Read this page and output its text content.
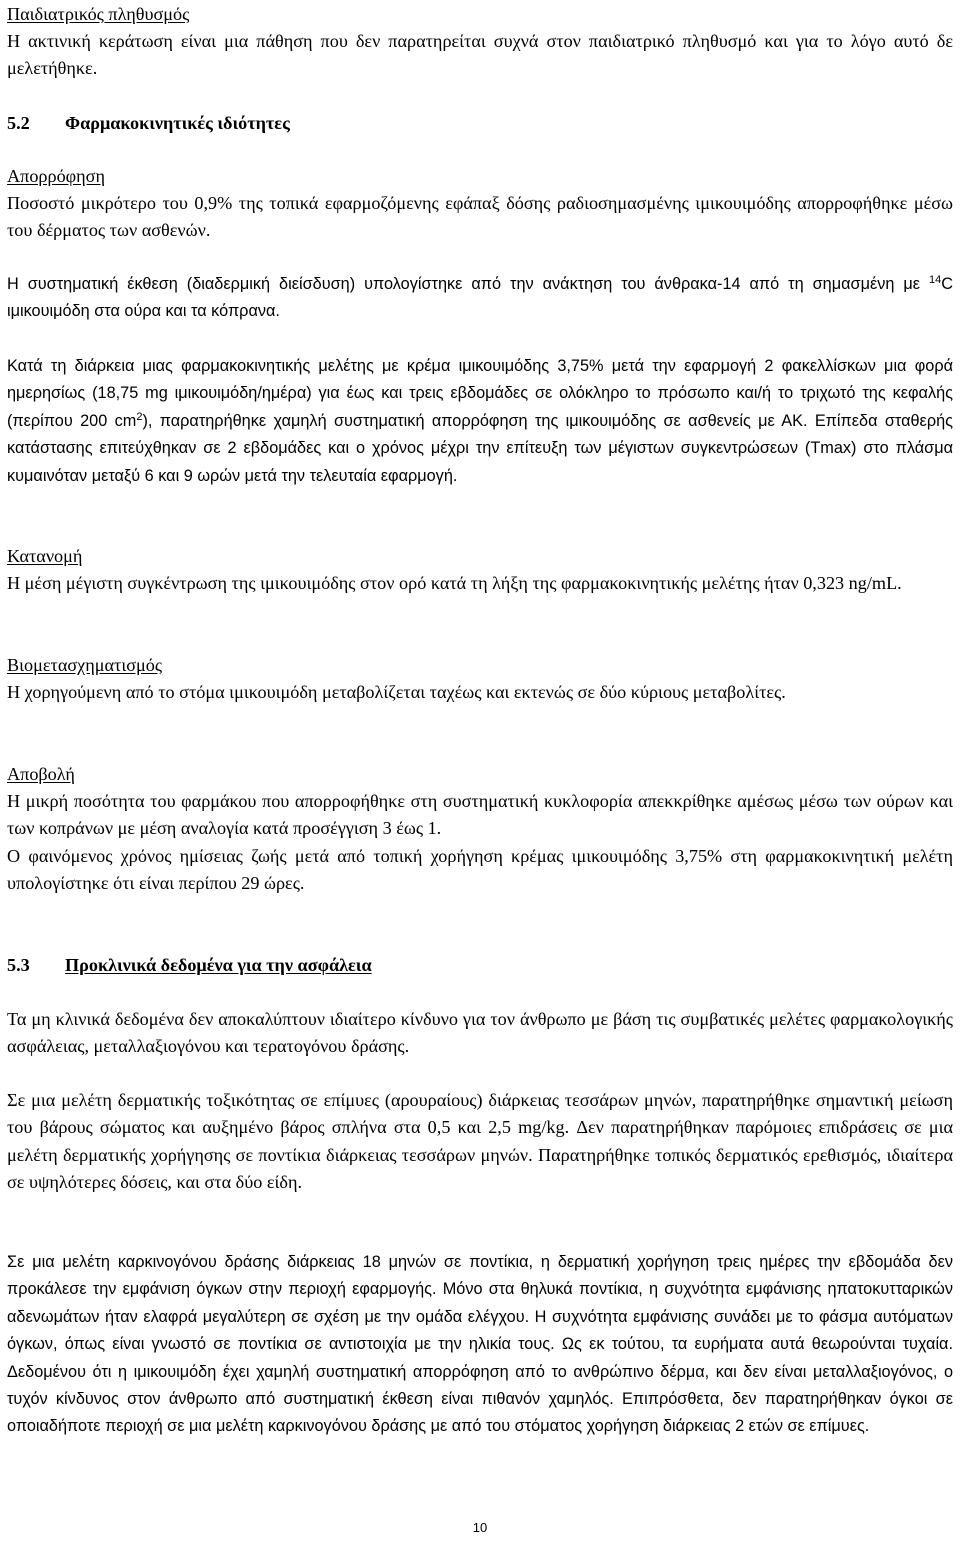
Παιδιατρικός πληθυσμός

Η ακτινική κεράτωση είναι μια πάθηση που δεν παρατηρείται συχνά στον παιδιατρικό πληθυσμό και για το λόγο αυτό δε μελετήθηκε.

5.2 Φαρμακοκινητικές ιδιότητες

Απορρόφηση

Ποσοστό μικρότερο του 0,9% της τοπικά εφαρμοζόμενης εφάπαξ δόσης ραδιοσημασμένης ιμικουιμόδης απορροφήθηκε μέσω του δέρματος των ασθενών.

Η συστηματική έκθεση (διαδερμική διείσδυση) υπολογίστηκε από την ανάκτηση του άνθρακα-14 από τη σημασμένη με $^{14}$C ιμικουιμόδη στα ούρα και τα κόπρανα.

Κατά τη διάρκεια μιας φαρμακοκινητικής μελέτης με κρέμα ιμικουιμόδης 3,75% μετά την εφαρμογή 2 φακελλίσκων μια φορά ημερησίως (18,75 mg ιμικουιμόδη/ημέρα) για έως και τρεις εβδομάδες σε ολόκληρο το πρόσωπο και/ή το τριχωτό της κεφαλής (περίπου 200 $cm^2$), παρατηρήθηκε χαμηλή συστηματική απορρόφηση της ιμικουιμόδης σε ασθενείς με ΑΚ. Επίπεδα σταθερής κατάστασης επιτεύχθηκαν σε 2 εβδομάδες και ο χρόνος μέχρι την επίτευξη των μέγιστων συγκεντρώσεων (Tmax) στο πλάσμα κυμαινόταν μεταξύ 6 και 9 ωρών μετά την τελευταία εφαρμογή.

Κατανομή

Η μέση μέγιστη συγκέντρωση της ιμικουιμόδης στον ορό κατά τη λήξη της φαρμακοκινητικής μελέτης ήταν 0,323 ng/mL.

Βιομετασχηματισμός

Η χορηγούμενη από το στόμα ιμικουιμόδη μεταβολίζεται ταχέως και εκτενώς σε δύο κύριους μεταβολίτες.

Αποβολή

Η μικρή ποσότητα του φαρμάκου που απορροφήθηκε στη συστηματική κυκλοφορία απεκκρίθηκε αμέσως μέσω των ούρων και των κοπράνων με μέση αναλογία κατά προσέγγιση 3 έως 1.

Ο φαινόμενος χρόνος ημίσειας ζωής μετά από τοπική χορήγηση κρέμας ιμικουιμόδης 3,75% στη φαρμακοκινητική μελέτη υπολογίστηκε ότι είναι περίπου 29 ώρες.

5.3 Προκλινικά δεδομένα για την ασφάλεια

Τα μη κλινικά δεδομένα δεν αποκαλύπτουν ιδιαίτερο κίνδυνο για τον άνθρωπο με βάση τις συμβατικές μελέτες φαρμακολογικής ασφάλειας, μεταλλαξιογόνου και τερατογόνου δράσης.

Σε μια μελέτη δερματικής τοξικότητας σε επίμυες (αρουραίους) διάρκειας τεσσάρων μηνών, παρατηρήθηκε σημαντική μείωση του βάρους σώματος και αυξημένο βάρος σπλήνα στα 0,5 και 2,5 mg/kg. Δεν παρατηρήθηκαν παρόμοιες επιδράσεις σε μια μελέτη δερματικής χορήγησης σε ποντίκια διάρκειας τεσσάρων μηνών. Παρατηρήθηκε τοπικός δερματικός ερεθισμός, ιδιαίτερα σε υψηλότερες δόσεις, και στα δύο είδη.

Σε μια μελέτη καρκινογόνου δράσης διάρκειας 18 μηνών σε ποντίκια, η δερματική χορήγηση τρεις ημέρες την εβδομάδα δεν προκάλεσε την εμφάνιση όγκων στην περιοχή εφαρμογής. Μόνο στα θηλυκά ποντίκια, η συχνότητα εμφάνισης ηπατοκυτταρικών αδενωμάτων ήταν ελαφρά μεγαλύτερη σε σχέση με την ομάδα ελέγχου. Η συχνότητα εμφάνισης συνάδει με το φάσμα αυτόματων όγκων, όπως είναι γνωστό σε ποντίκια σε αντιστοιχία με την ηλικία τους. Ως εκ τούτου, τα ευρήματα αυτά θεωρούνται τυχαία. Δεδομένου ότι η ιμικουιμόδη έχει χαμηλή συστηματική απορρόφηση από το ανθρώπινο δέρμα, και δεν είναι μεταλλαξιογόνος, ο τυχόν κίνδυνος στον άνθρωπο από συστηματική έκθεση είναι πιθανόν χαμηλός. Επιπρόσθετα, δεν παρατηρήθηκαν όγκοι σε οποιαδήποτε περιοχή σε μια μελέτη καρκινογόνου δράσης με από του στόματος χορήγηση διάρκειας 2 ετών σε επίμυες.

10
